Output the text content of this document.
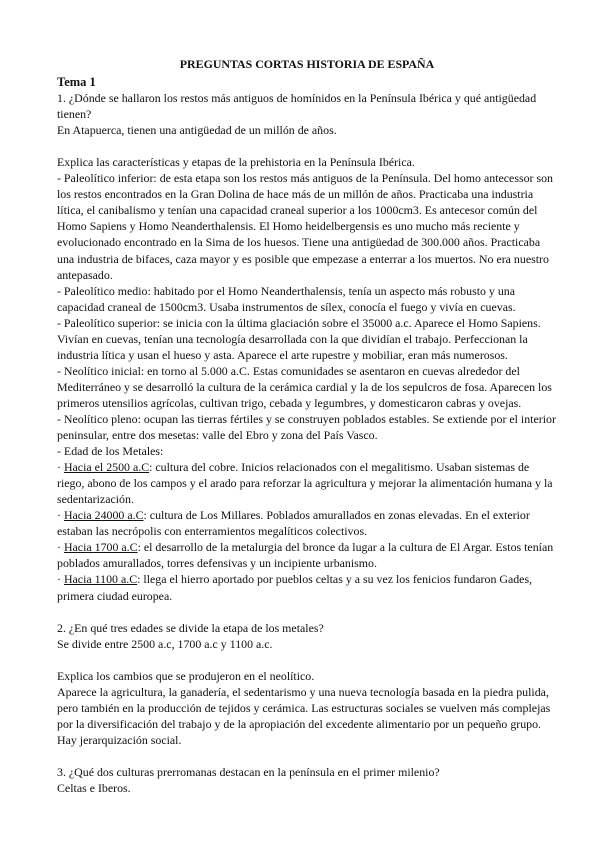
PREGUNTAS CORTAS HISTORIA DE ESPAÑA

Tema 1

1. ¿Dónde se hallaron los restos más antiguos de homínidos en la Península Ibérica y qué antigüedad tienen?

En Atapuerca, tienen una antigüedad de un millón de años.

Explica las características y etapas de la prehistoria en la Península Ibérica.

- Paleolítico inferior: de esta etapa son los restos más antiguos de la Península. Del homo antecessor son los restos encontrados en la Gran Dolina de hace más de un millón de años. Practicaba una industria lítica, el canibalismo y tenían una capacidad craneal superior a los 1000cm3. Es antecesor común del Homo Sapiens y Homo Neanderthalensis. El Homo heidelbergensis es uno mucho más reciente y evolucionado encontrado en la Sima de los huesos. Tiene una antigüedad de 300.000 años. Practicaba una industria de bifaces, caza mayor y es posible que empezase a enterrar a los muertos. No era nuestro antepasado.

- Paleolítico medio: habitado por el Homo Neanderthalensis, tenía un aspecto más robusto y una capacidad craneal de 1500cm3. Usaba instrumentos de sílex, conocía el fuego y vivía en cuevas.

- Paleolítico superior: se inicia con la última glaciación sobre el 35000 a.c. Aparece el Homo Sapiens. Vivían en cuevas, tenían una tecnología desarrollada con la que dividían el trabajo. Perfeccionan la industria lítica y usan el hueso y asta. Aparece el arte rupestre y mobiliar, eran más numerosos.

- Neolítico inicial: en torno al 5.000 a.C. Estas comunidades se asentaron en cuevas alrededor del Mediterráneo y se desarrolló la cultura de la cerámica cardial y la de los sepulcros de fosa. Aparecen los primeros utensilios agrícolas, cultivan trigo, cebada y legumbres, y domesticaron cabras y ovejas.

- Neolítico pleno: ocupan las tierras fértiles y se construyen poblados estables. Se extiende por el interior peninsular, entre dos mesetas: valle del Ebro y zona del País Vasco.

- Edad de los Metales:

· Hacia el 2500 a.C: cultura del cobre. Inicios relacionados con el megalitismo. Usaban sistemas de riego, abono de los campos y el arado para reforzar la agricultura y mejorar la alimentación humana y la sedentarización.

· Hacia 24000 a.C: cultura de Los Millares. Poblados amurallados en zonas elevadas. En el exterior estaban las necrópolis con enterramientos megalíticos colectivos.

· Hacia 1700 a.C: el desarrollo de la metalurgia del bronce da lugar a la cultura de El Argar. Estos tenían poblados amurallados, torres defensivas y un incipiente urbanismo.

· Hacia 1100 a.C: llega el hierro aportado por pueblos celtas y a su vez los fenicios fundaron Gades, primera ciudad europea.

2. ¿En qué tres edades se divide la etapa de los metales?

Se divide entre 2500 a.c, 1700 a.c y 1100 a.c.

Explica los cambios que se produjeron en el neolítico.

Aparece la agricultura, la ganadería, el sedentarismo y una nueva tecnología basada en la piedra pulida, pero también en la producción de tejidos y cerámica. Las estructuras sociales se vuelven más complejas por la diversificación del trabajo y de la apropiación del excedente alimentario por un pequeño grupo. Hay jerarquización social.

3. ¿Qué dos culturas prerromanas destacan en la península en el primer milenio?

Celtas e Iberos.
